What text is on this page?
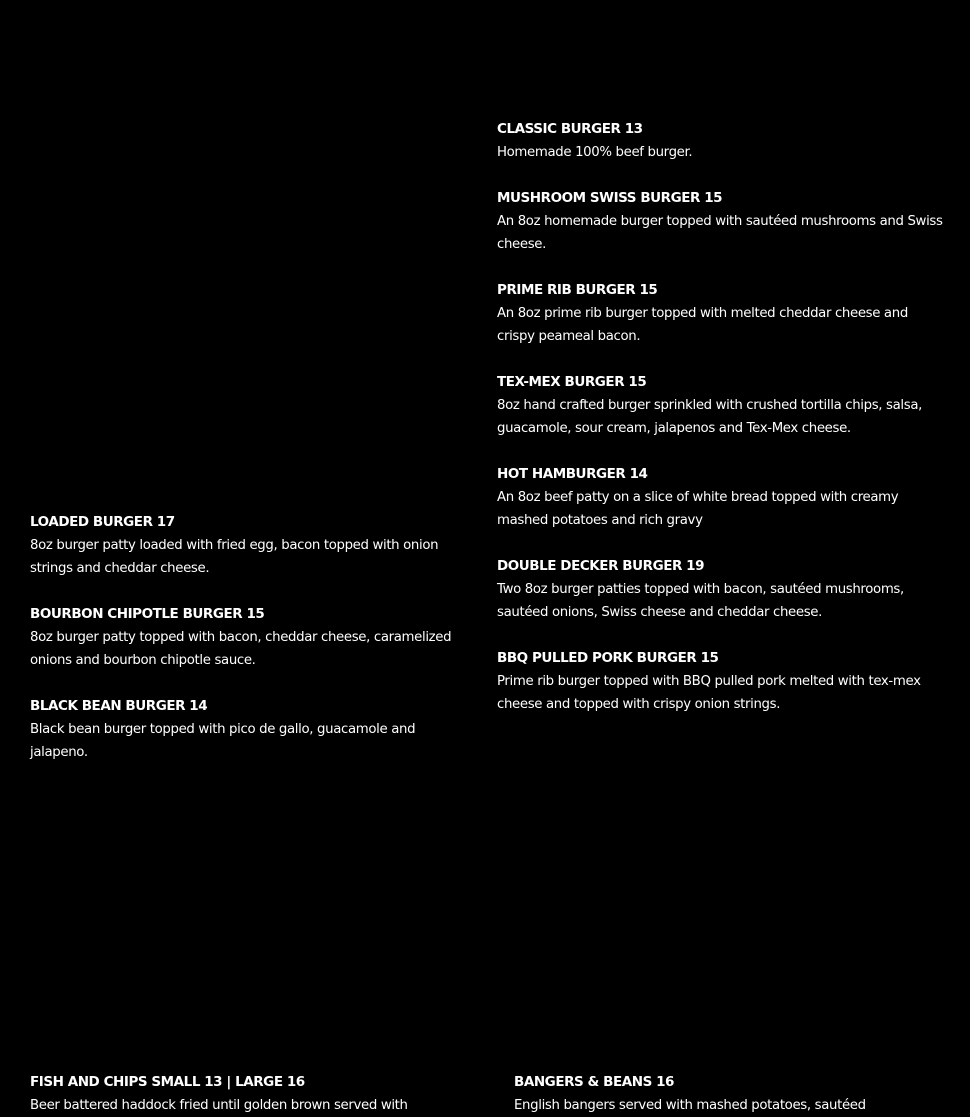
CLASSIC BURGER 13
Homemade 100% beef burger.
MUSHROOM SWISS BURGER 15
An 8oz homemade burger topped with sautéed mushrooms and Swiss cheese.
PRIME RIB BURGER 15
An 8oz prime rib burger topped with melted cheddar cheese and crispy peameal bacon.
TEX-MEX BURGER 15
8oz hand crafted burger sprinkled with crushed tortilla chips, salsa, guacamole, sour cream, jalapenos and Tex-Mex cheese.
HOT HAMBURGER 14
An 8oz beef patty on a slice of white bread topped with creamy mashed potatoes and rich gravy
DOUBLE DECKER BURGER 19
Two 8oz burger patties topped with bacon, sautéed mushrooms, sautéed onions, Swiss cheese and cheddar cheese.
BBQ PULLED PORK BURGER 15
Prime rib burger topped with BBQ pulled pork melted with tex-mex cheese and topped with crispy onion strings.
LOADED BURGER 17
8oz burger patty loaded with fried egg, bacon topped with onion strings and cheddar cheese.
BOURBON CHIPOTLE BURGER 15
8oz burger patty topped with bacon, cheddar cheese, caramelized onions and bourbon chipotle sauce.
BLACK BEAN BURGER 14
Black bean burger topped with pico de gallo, guacamole and jalapeno.
FISH AND CHIPS SMALL 13 | LARGE 16
Beer battered haddock fried until golden brown served with
BANGERS & BEANS 16
English bangers served with mashed potatoes, sautéed
